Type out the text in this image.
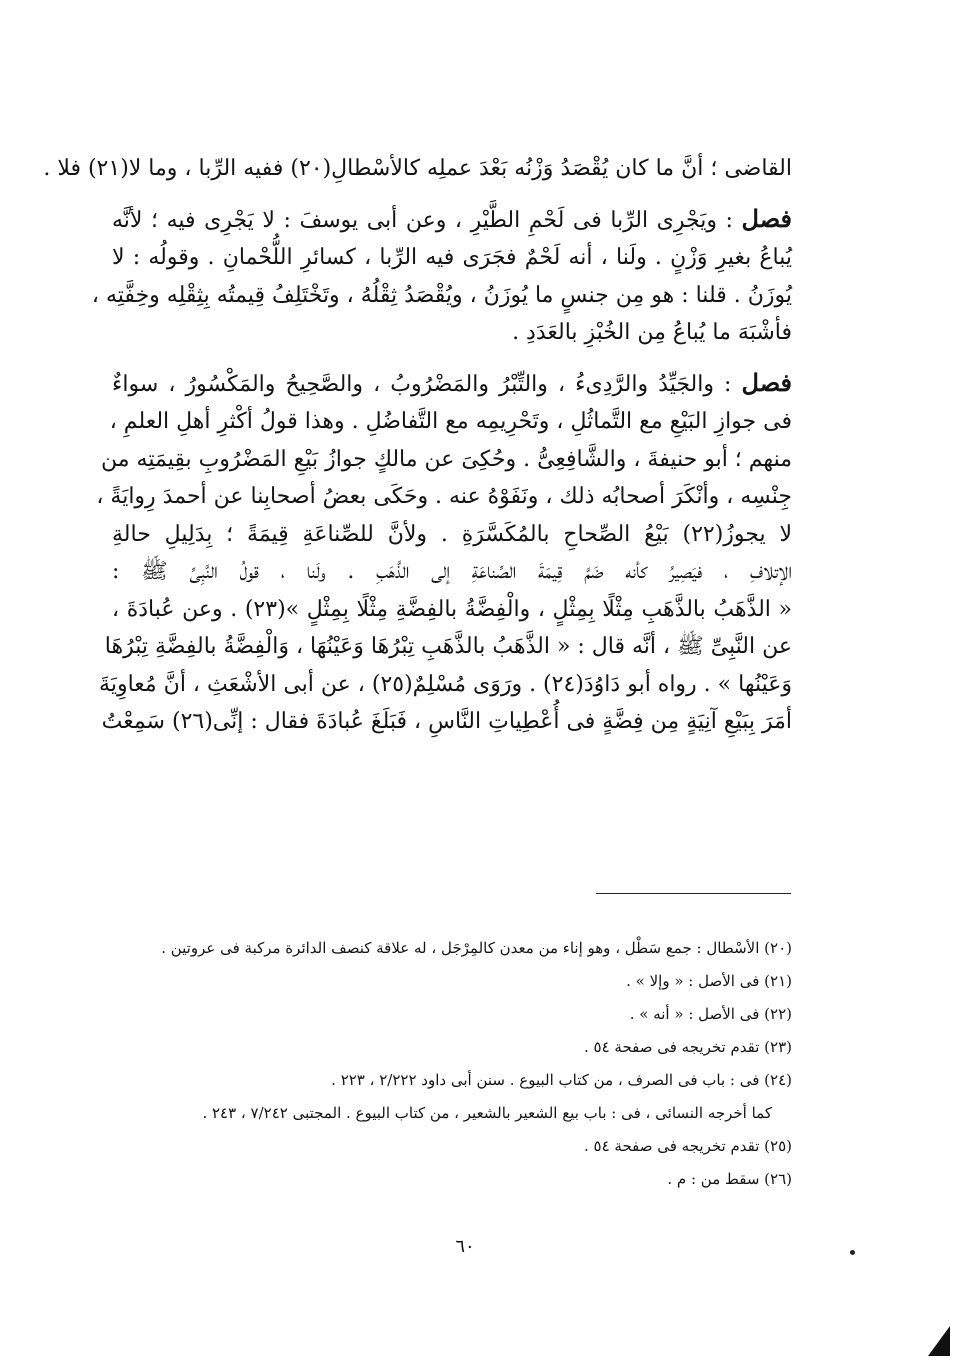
القاضى ؛ أنَّ ما كان يُقْصَدُ وَزْنُه بَعْدَ عملِه كالأسْطالِ(٢٠) ففيه الرِّبا ، وما لا(٢١) فلا .
فصل : ويَجْرِى الرِّبا فى لَحْمِ الطَّيْرِ ، وعن أبى يوسفَ : لا يَجْرِى فيه ؛ لأنَّه
يُباعُ بغيرِ وَزْنٍ . ولَنا ، أنه لَحْمٌ فجَرَى فيه الرِّبا ، كسائرِ اللُّحْمانِ . وقولُه : لا
يُوزَنُ . قلنا : هو مِن جنسٍ ما يُوزَنُ ، ويُقْصَدُ ثِقْلُهُ ، وتَخْتَلِفُ قِيمتُه بِثِقْلِه وخِفَّتِه ،
فأشْبَهَ ما يُباعُ مِن الخُبْزِ بالعَدَدِ .
فصل : والجَيِّدُ والرَّدِىءُ ، والتِّبْرُ والمَضْرُوبُ ، والصَّحِيحُ والمَكْسُورُ ، سواءٌ
فى جوازِ البَيْعِ مع التَّماثُلِ ، وتَحْرِيمِه مع التَّفاضُلِ . وهذا قولُ أكْثرِ أهلِ العلمِ ،
منهم ؛ أبو حنيفةَ ، والشَّافِعِىُّ . وحُكِىَ عن مالكٍ جوازُ بَيْعِ المَضْرُوبِ بقِيمَتِه من
جِنْسِه ، وأنْكَرَ أصحابُه ذلك ، ونَفَوْهُ عنه . وحَكَى بعضُ أصحابِنا عن أحمدَ رِوايَةً ،
لا يجوزُ(٢٢) بَيْعُ الصِّحاحِ بالمُكَسَّرَةِ . ولأنَّ للصِّناعَةِ قِيمَةً ؛ بِدَلِيلِ حالةِ
الإتلافِ ، فيَصِيرُ كأنه ضَمَّ قِيمَةَ الصِّناعَةِ إلى الذَّهَبِ . ولَنا ، قولُ النَّبِىِّ ﷺ :
« الذَّهَبُ بالذَّهَبِ مِثْلًا بِمِثْلٍ ، والْفِضَّةُ بالفِضَّةِ مِثْلًا بِمِثْلٍ »(٢٣) . وعن عُبادَةَ ،
عن النَّبِىِّ ﷺ ، أنَّه قال : « الذَّهَبُ بالذَّهَبِ تِبْرُهَا وَعَيْنُهَا ، وَالْفِضَّةُ بالفِضَّةِ تِبْرُهَا
وَعَيْنُها » . رواه أبو دَاوُدَ(٢٤) . ورَوَى مُسْلِمٌ(٢٥) ، عن أبى الأشْعَثِ ، أنَّ مُعاوِيَةَ
أمَرَ بِبَيْعِ آنِيَةٍ مِن فِضَّةٍ فى أُعْطِياتِ النَّاسِ ، فَبَلَغَ عُبادَةَ فقال : إنِّى(٢٦) سَمِعْتُ
(٢٠) الأسْطال : جمع سَطْل ، وهو إناء من معدن كالمِرْجَل ، له علاقة كنصف الدائرة مركبة فى عروتين .
(٢١) فى الأصل : « وإلا » .
(٢٢) فى الأصل : « أنه » .
(٢٣) تقدم تخريجه فى صفحة ٥٤ .
(٢٤) فى : باب فى الصرف ، من كتاب البيوع . سنن أبى داود ٢/٢٢٢ ، ٢٢٣ .
كما أخرجه النسائى ، فى : باب بيع الشعير بالشعير ، من كتاب البيوع . المجتبى ٧/٢٤٢ ، ٢٤٣ .
(٢٥) تقدم تخريجه فى صفحة ٥٤ .
(٢٦) سقط من : م .
٦٠
